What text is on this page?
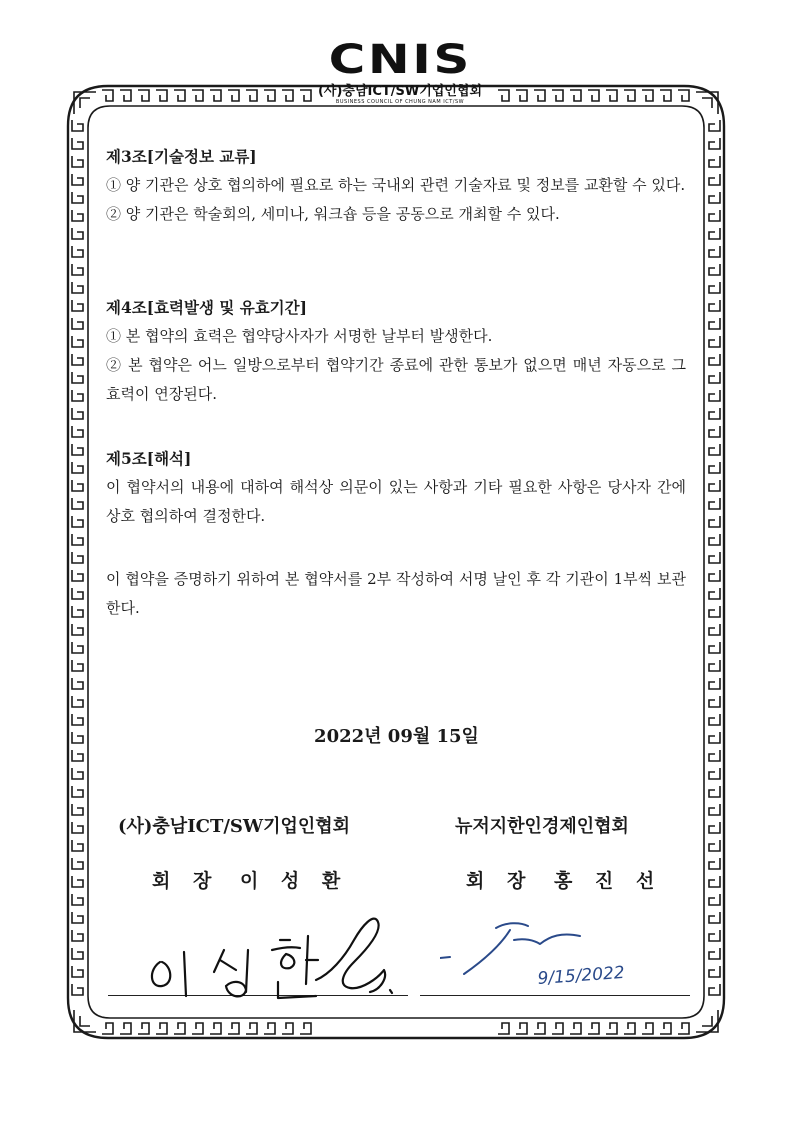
CNIS
(사)충남ICT/SW기업인협회
BUSINESS COUNCIL OF CHUNG NAM ICT/SW
제3조[기술정보 교류]
① 양 기관은 상호 협의하에 필요로 하는 국내외 관련 기술자료 및 정보를 교환할 수 있다.
② 양 기관은 학술회의, 세미나, 워크숍 등을 공동으로 개최할 수 있다.
제4조[효력발생 및 유효기간]
① 본 협약의 효력은 협약당사자가 서명한 날부터 발생한다.
② 본 협약은 어느 일방으로부터 협약기간 종료에 관한 통보가 없으면 매년 자동으로 그 효력이 연장된다.
제5조[해석]
이 협약서의 내용에 대하여 해석상 의문이 있는 사항과 기타 필요한 사항은 당사자 간에 상호 협의하여 결정한다.
이 협약을 증명하기 위하여 본 협약서를 2부 작성하여 서명 날인 후 각 기관이 1부씩 보관한다.
2022년 09월 15일
(사)충남ICT/SW기업인협회	뉴저지한인경제인협회
회 장 이 성 환	회 장 홍 진 선
9/15/2022
